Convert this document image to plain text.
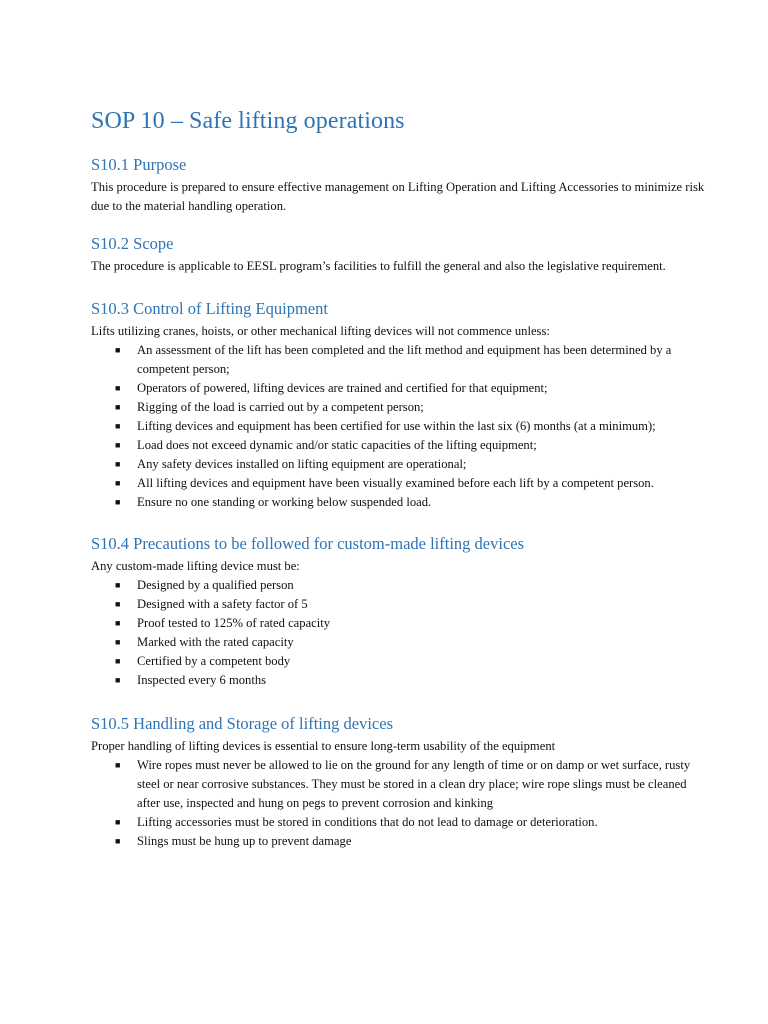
SOP 10 – Safe lifting operations
S10.1 Purpose

This procedure is prepared to ensure effective management on Lifting Operation and Lifting Accessories to minimize risk due to the material handling operation.

S10.2 Scope

The procedure is applicable to EESL program’s facilities to fulfill the general and also the legislative requirement.

S10.3 Control of Lifting Equipment

Lifts utilizing cranes, hoists, or other mechanical lifting devices will not commence unless:

■ An assessment of the lift has been completed and the lift method and equipment has been determined by a competent person;
■ Operators of powered, lifting devices are trained and certified for that equipment;
■ Rigging of the load is carried out by a competent person;
■ Lifting devices and equipment has been certified for use within the last six (6) months (at a minimum);
■ Load does not exceed dynamic and/or static capacities of the lifting equipment;
■ Any safety devices installed on lifting equipment are operational;
■ All lifting devices and equipment have been visually examined before each lift by a competent person.
■ Ensure no one standing or working below suspended load.
S10.4 Precautions to be followed for custom-made lifting devices

Any custom-made lifting device must be:

■ Designed by a qualified person
■ Designed with a safety factor of 5
■ Proof tested to 125% of rated capacity
■ Marked with the rated capacity
■ Certified by a competent body
■ Inspected every 6 months
S10.5 Handling and Storage of lifting devices

Proper handling of lifting devices is essential to ensure long-term usability of the equipment

■ Wire ropes must never be allowed to lie on the ground for any length of time or on damp or wet surface, rusty steel or near corrosive substances. They must be stored in a clean dry place; wire rope slings must be cleaned after use, inspected and hung on pegs to prevent corrosion and kinking
■ Lifting accessories must be stored in conditions that do not lead to damage or deterioration.
■ Slings must be hung up to prevent damage
